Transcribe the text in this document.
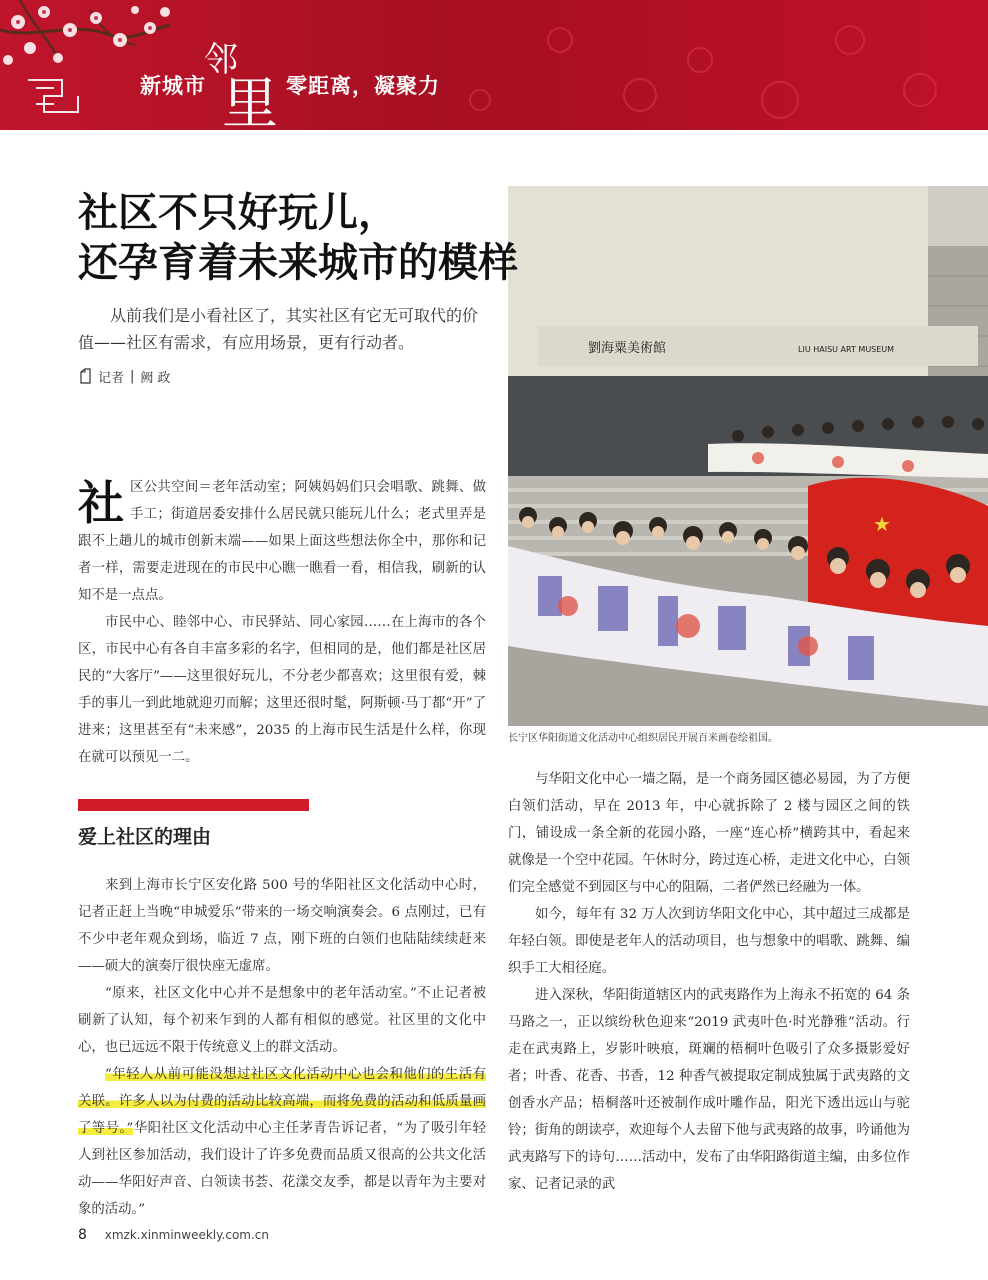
新城市
邻
里 零距离，凝聚力
社区不只好玩儿，
还孕育着未来城市的模样

从前我们是小看社区了，其实社区有它无可取代的价值——社区有需求，有应用场景，更有行动者。

记者 | 阙 政
劉海粟美術館	LIU HAISU ART MUSEUM
★
长宁区华阳街道文化活动中心组织居民开展百米画卷绘祖国。

社区公共空间＝老年活动室；阿姨妈妈们只会唱歌、跳舞、做手工；街道居委安排什么居民就只能玩儿什么；老式里弄是跟不上趟儿的城市创新末端——如果上面这些想法你全中，那你和记者一样，需要走进现在的市民中心瞧一瞧看一看，相信我，刷新的认知不是一点点。

市民中心、睦邻中心、市民驿站、同心家园……在上海市的各个区，市民中心有各自丰富多彩的名字，但相同的是，他们都是社区居民的“大客厅”——这里很好玩儿，不分老少都喜欢；这里很有爱，棘手的事儿一到此地就迎刃而解；这里还很时髦，阿斯顿·马丁都“开”了进来；这里甚至有“未来感”，2035 的上海市民生活是什么样，你现在就可以预见一二。

爱上社区的理由

来到上海市长宁区安化路 500 号的华阳社区文化活动中心时，记者正赶上当晚“申城爱乐”带来的一场交响演奏会。6 点刚过，已有不少中老年观众到场，临近 7 点，刚下班的白领们也陆陆续续赶来——硕大的演奏厅很快座无虚席。

“原来，社区文化中心并不是想象中的老年活动室。”不止记者被刷新了认知，每个初来乍到的人都有相似的感觉。社区里的文化中心，也已远远不限于传统意义上的群文活动。

“年轻人从前可能没想过社区文化活动中心也会和他们的生活有关联。许多人以为付费的活动比较高端，而将免费的活动和低质量画了等号。”华阳社区文化活动中心主任茅青告诉记者，“为了吸引年轻人到社区参加活动，我们设计了许多免费而品质又很高的公共文化活动——华阳好声音、白领读书荟、花漾交友季，都是以青年为主要对象的活动。”

与华阳文化中心一墙之隔，是一个商务园区德必易园，为了方便白领们活动，早在 2013 年，中心就拆除了 2 楼与园区之间的铁门，铺设成一条全新的花园小路，一座“连心桥”横跨其中，看起来就像是一个空中花园。午休时分，跨过连心桥，走进文化中心，白领们完全感觉不到园区与中心的阻隔，二者俨然已经融为一体。

如今，每年有 32 万人次到访华阳文化中心，其中超过三成都是年轻白领。即使是老年人的活动项目，也与想象中的唱歌、跳舞、编织手工大相径庭。

进入深秋，华阳街道辖区内的武夷路作为上海永不拓宽的 64 条马路之一，正以缤纷秋色迎来“2019 武夷叶色·时光静雅”活动。行走在武夷路上，岁影叶映痕，斑斓的梧桐叶色吸引了众多摄影爱好者；叶香、花香、书香，12 种香气被提取定制成独属于武夷路的文创香水产品；梧桐落叶还被制作成叶雕作品，阳光下透出远山与驼铃；街角的朗读亭，欢迎每个人去留下他与武夷路的故事，吟诵他为武夷路写下的诗句……活动中，发布了由华阳路街道主编，由多位作家、记者记录的武

8 xmzk.xinminweekly.com.cn
